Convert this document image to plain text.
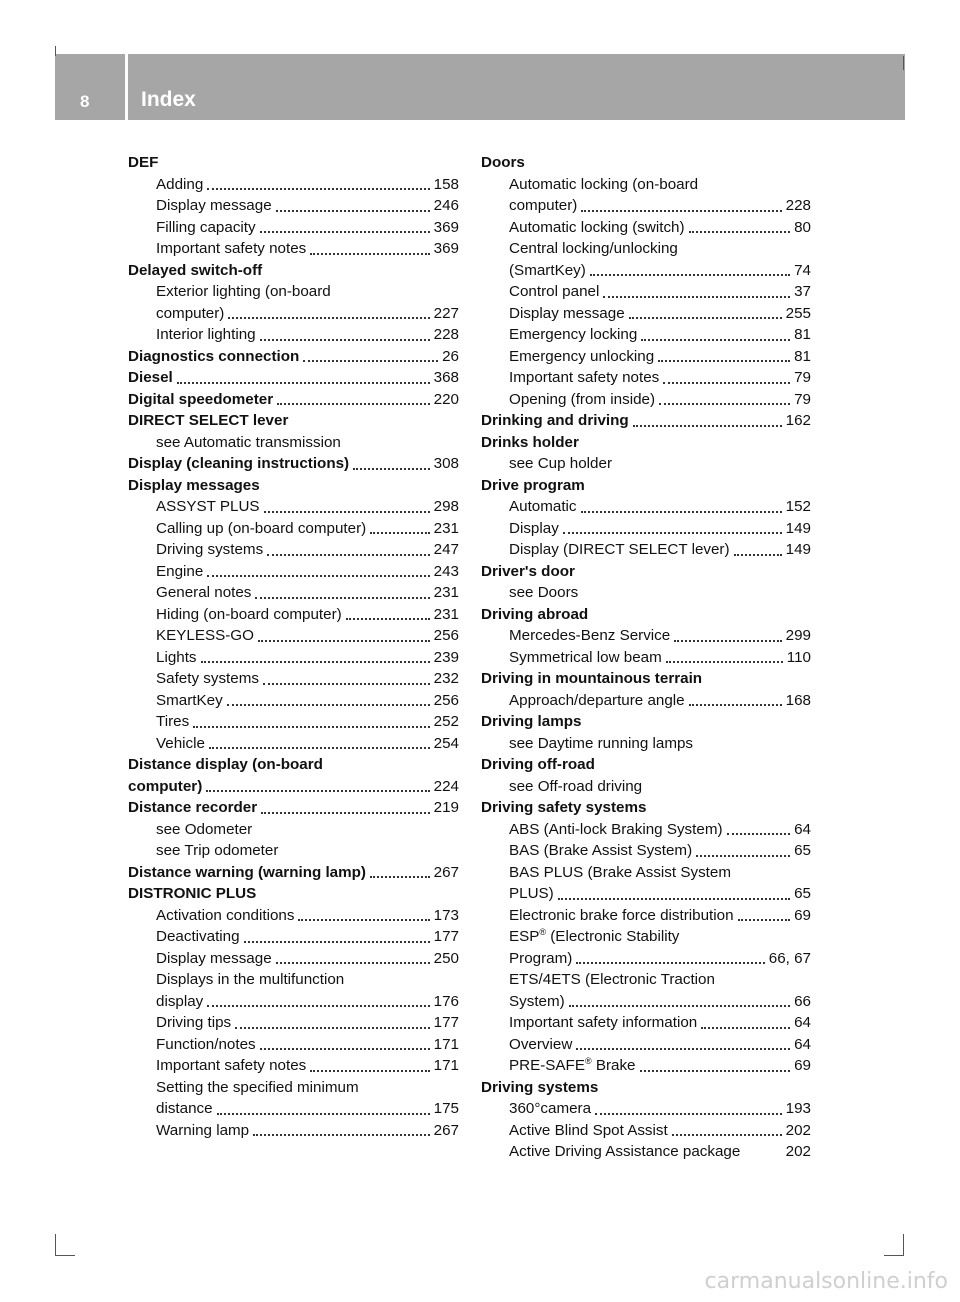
8 Index
DEF
Adding	158
Display message	246
Filling capacity	369
Important safety notes	369
Delayed switch-off
Exterior lighting (on-board
computer)	227
Interior lighting	228
Diagnostics connection	26
Diesel	368
Digital speedometer	220
DIRECT SELECT lever
see Automatic transmission
Display (cleaning instructions)	308
Display messages
ASSYST PLUS	298
Calling up (on-board computer)	231
Driving systems	247
Engine	243
General notes	231
Hiding (on-board computer)	231
KEYLESS-GO	256
Lights	239
Safety systems	232
SmartKey	256
Tires	252
Vehicle	254
Distance display (on-board
computer)	224
Distance recorder	219
see Odometer
see Trip odometer
Distance warning (warning lamp)	267
DISTRONIC PLUS
Activation conditions	173
Deactivating	177
Display message	250
Displays in the multifunction
display	176
Driving tips	177
Function/notes	171
Important safety notes	171
Setting the specified minimum
distance	175
Warning lamp	267
Doors
Automatic locking (on-board
computer)	228
Automatic locking (switch)	80
Central locking/unlocking
(SmartKey)	74
Control panel	37
Display message	255
Emergency locking	81
Emergency unlocking	81
Important safety notes	79
Opening (from inside)	79
Drinking and driving	162
Drinks holder
see Cup holder
Drive program
Automatic	152
Display	149
Display (DIRECT SELECT lever)	149
Driver's door
see Doors
Driving abroad
Mercedes-Benz Service	299
Symmetrical low beam	110
Driving in mountainous terrain
Approach/departure angle	168
Driving lamps
see Daytime running lamps
Driving off-road
see Off-road driving
Driving safety systems
ABS (Anti-lock Braking System)	64
BAS (Brake Assist System)	65
BAS PLUS (Brake Assist System
PLUS)	65
Electronic brake force distribution	69
ESP® (Electronic Stability
Program)	66, 67
ETS/4ETS (Electronic Traction
System)	66
Important safety information	64
Overview	64
PRE-SAFE® Brake	69
Driving systems
360°camera	193
Active Blind Spot Assist	202
Active Driving Assistance package	202
carmanualsonline.info
